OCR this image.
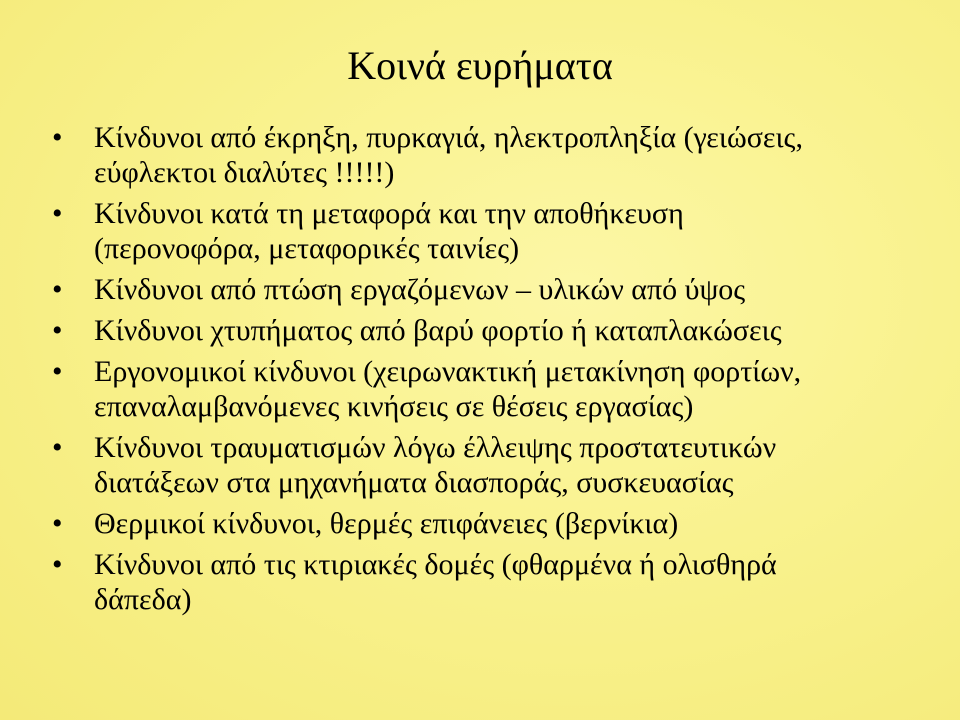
Κοινά ευρήματα
• Κίνδυνοι από έκρηξη, πυρκαγιά, ηλεκτροπληξία (γειώσεις,
εύφλεκτοι διαλύτες !!!!!)
• Κίνδυνοι κατά τη μεταφορά και την αποθήκευση
(περονοφόρα, μεταφορικές ταινίες)
• Κίνδυνοι από πτώση εργαζόμενων – υλικών από ύψος
• Κίνδυνοι χτυπήματος από βαρύ φορτίο ή καταπλακώσεις
• Εργονομικοί κίνδυνοι (χειρωνακτική μετακίνηση φορτίων,
επαναλαμβανόμενες κινήσεις σε θέσεις εργασίας)
• Κίνδυνοι τραυματισμών λόγω έλλειψης προστατευτικών
διατάξεων στα μηχανήματα διασποράς, συσκευασίας
• Θερμικοί κίνδυνοι, θερμές επιφάνειες (βερνίκια)
• Κίνδυνοι από τις κτιριακές δομές (φθαρμένα ή ολισθηρά
δάπεδα)
